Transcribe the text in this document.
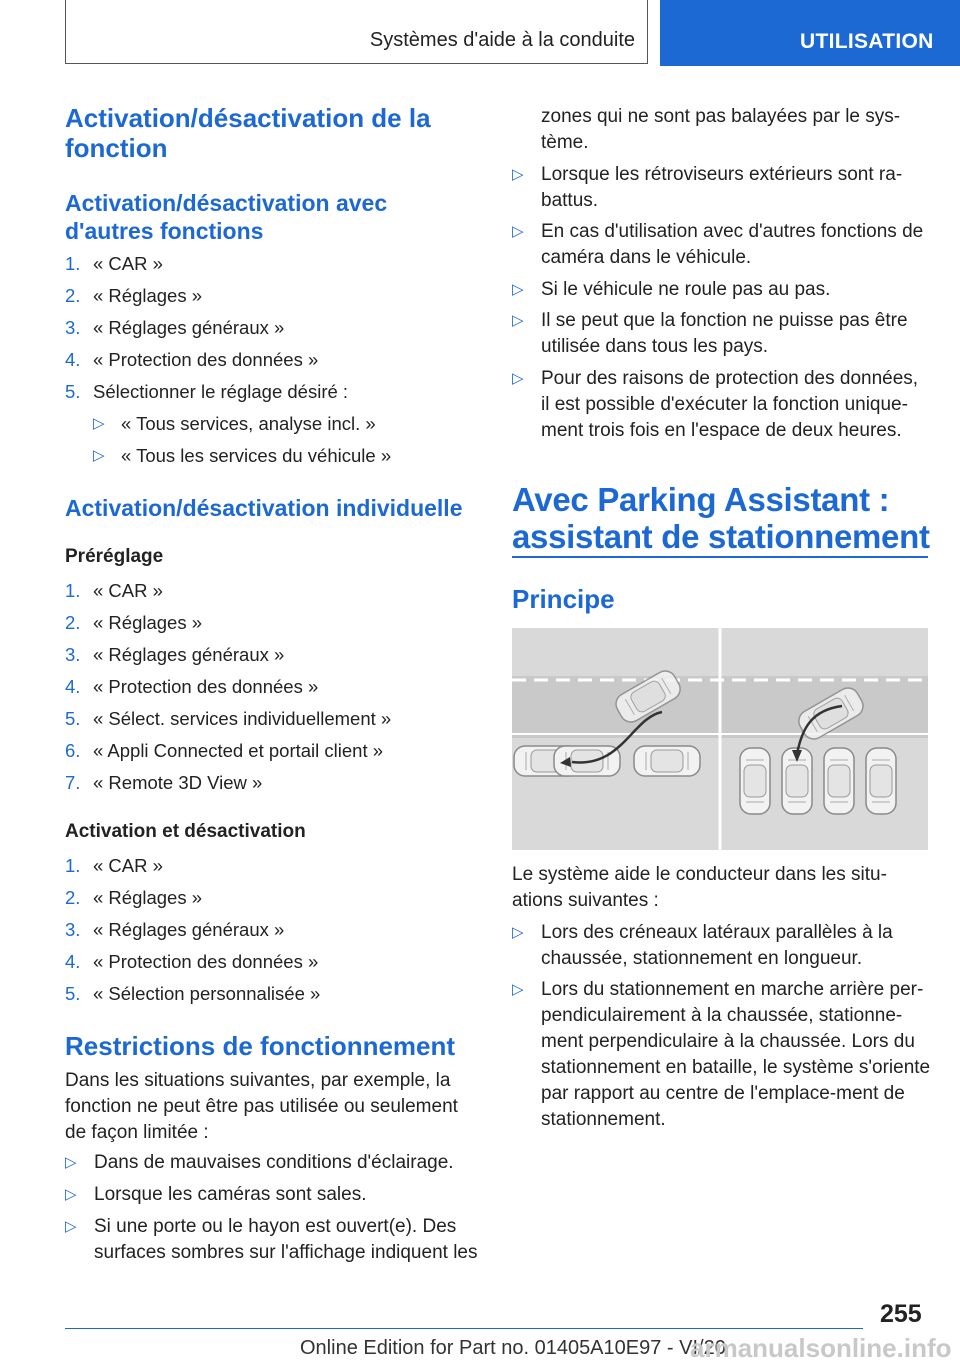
Systèmes d'aide à la conduite	UTILISATION
Activation/désactivation de la fonction
Activation/désactivation avec d'autres fonctions
1. « CAR »
2. « Réglages »
3. « Réglages généraux »
4. « Protection des données »
5. Sélectionner le réglage désiré :
▷ « Tous services, analyse incl. »
▷ « Tous les services du véhicule »
Activation/désactivation individuelle
Préréglage
1. « CAR »
2. « Réglages »
3. « Réglages généraux »
4. « Protection des données »
5. « Sélect. services individuellement »
6. « Appli Connected et portail client »
7. « Remote 3D View »
Activation et désactivation
1. « CAR »
2. « Réglages »
3. « Réglages généraux »
4. « Protection des données »
5. « Sélection personnalisée »
Restrictions de fonctionnement

Dans les situations suivantes, par exemple, la fonction ne peut être pas utilisée ou seulement de façon limitée :

▷ Dans de mauvaises conditions d'éclairage.
▷ Lorsque les caméras sont sales.
▷ Si une porte ou le hayon est ouvert(e). Des surfaces sombres sur l'affichage indiquent les

zones qui ne sont pas balayées par le sys-tème.

▷ Lorsque les rétroviseurs extérieurs sont ra-battus.
▷ En cas d'utilisation avec d'autres fonctions de caméra dans le véhicule.
▷ Si le véhicule ne roule pas au pas.
▷ Il se peut que la fonction ne puisse pas être utilisée dans tous les pays.
▷ Pour des raisons de protection des données, il est possible d'exécuter la fonction unique-ment trois fois en l'espace de deux heures.
Avec Parking Assistant : assistant de stationnement
Principe

Le système aide le conducteur dans les situ-ations suivantes :

▷ Lors des créneaux latéraux parallèles à la chaussée, stationnement en longueur.
▷ Lors du stationnement en marche arrière per-pendiculairement à la chaussée, stationne-ment perpendiculaire à la chaussée. Lors du stationnement en bataille, le système s'oriente par rapport au centre de l'emplace-ment de stationnement.
255
Online Edition for Part no. 01405A10E97 - VI/20
armanualsonline.info
